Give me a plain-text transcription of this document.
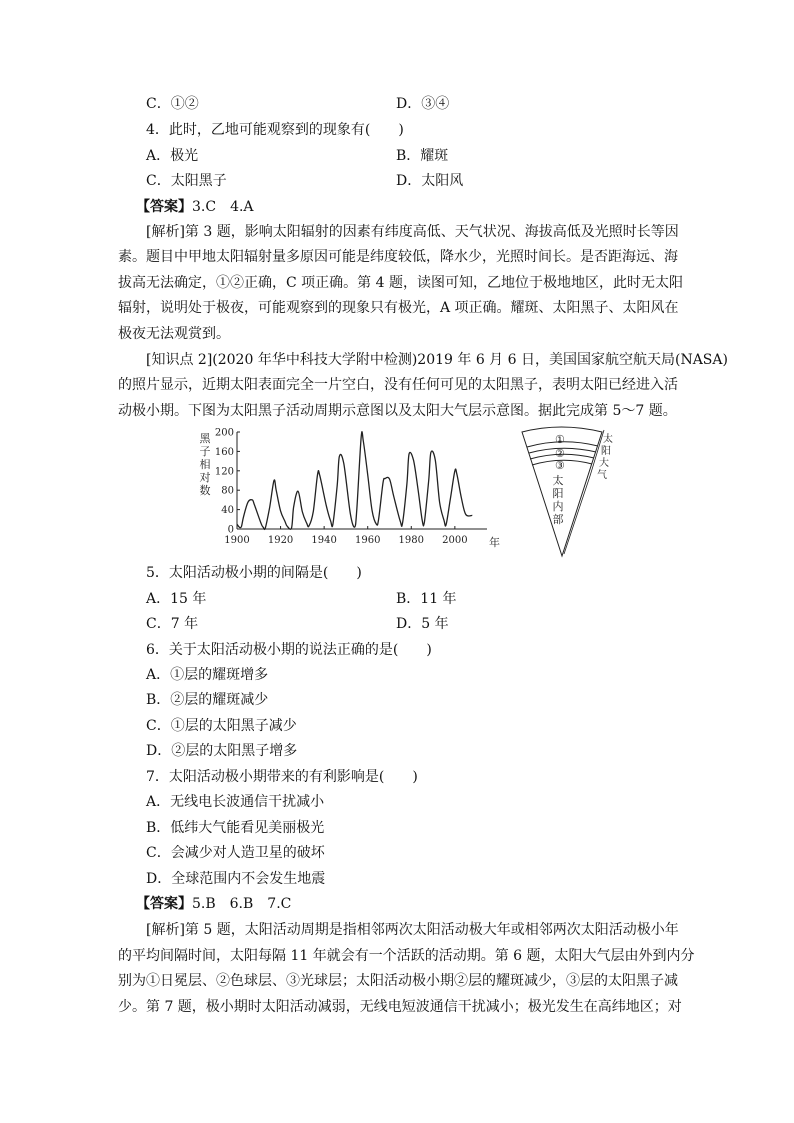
C．①②	D．③④
4．此时，乙地可能观察到的现象有(　　)
A．极光	B．耀斑
C．太阳黑子	D．太阳风
【答案】3.C　4.A
[解析]第 3 题，影响太阳辐射的因素有纬度高低、天气状况、海拔高低及光照时长等因
素。题目中甲地太阳辐射量多原因可能是纬度较低，降水少，光照时间长。是否距海远、海
拔高无法确定，①②正确，C 项正确。第 4 题，读图可知，乙地位于极地地区，此时无太阳
辐射，说明处于极夜，可能观察到的现象只有极光，A 项正确。耀斑、太阳黑子、太阳风在
极夜无法观赏到。
[知识点 2](2020 年华中科技大学附中检测)2019 年 6 月 6 日，美国国家航空航天局(NASA)
的照片显示，近期太阳表面完全一片空白，没有任何可见的太阳黑子，表明太阳已经进入活
动极小期。下图为太阳黑子活动周期示意图以及太阳大气层示意图。据此完成第 5～7 题。
0
40
80
120
160
200
1900 1920 1940 1960 1980 2000
黑
子
相
对
数
年
①
②
③
太
阳
内
部
太
阳
大
气
5．太阳活动极小期的间隔是(　　)
A．15 年	B．11 年
C．7 年	D．5 年
6．关于太阳活动极小期的说法正确的是(　　)
A．①层的耀斑增多
B．②层的耀斑减少
C．①层的太阳黑子减少
D．②层的太阳黑子增多
7．太阳活动极小期带来的有利影响是(　　)
A．无线电长波通信干扰减小
B．低纬大气能看见美丽极光
C．会减少对人造卫星的破坏
D．全球范围内不会发生地震
【答案】5.B　6.B　7.C
[解析]第 5 题，太阳活动周期是指相邻两次太阳活动极大年或相邻两次太阳活动极小年
的平均间隔时间，太阳每隔 11 年就会有一个活跃的活动期。第 6 题，太阳大气层由外到内分
别为①日冕层、②色球层、③光球层；太阳活动极小期②层的耀斑减少，③层的太阳黑子减
少。第 7 题，极小期时太阳活动减弱，无线电短波通信干扰减小；极光发生在高纬地区；对
